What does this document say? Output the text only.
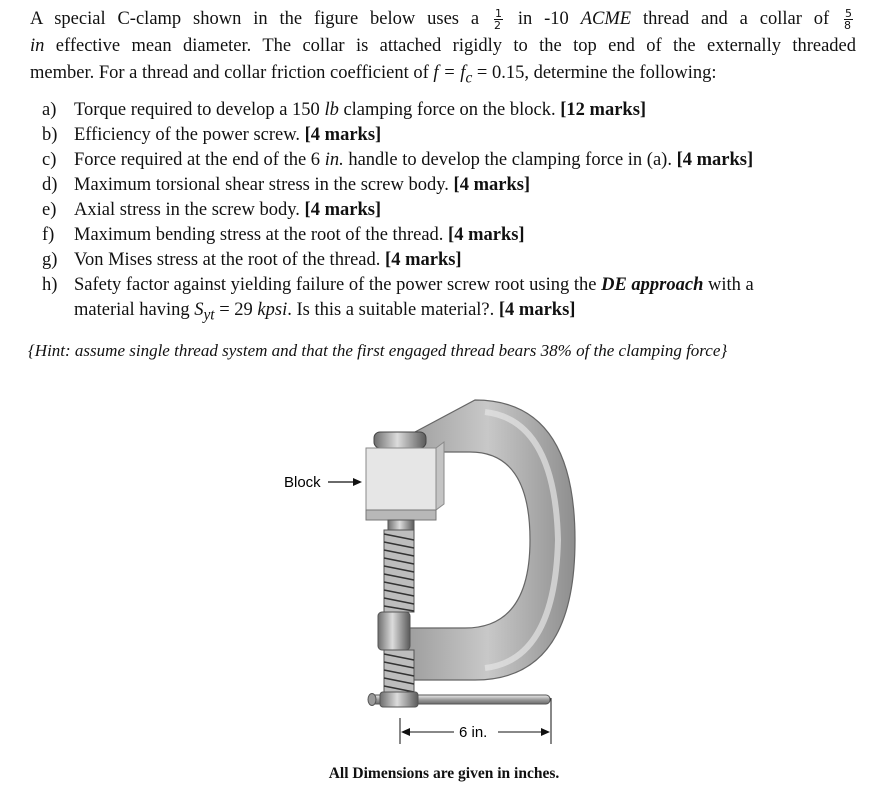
A special C-clamp shown in the figure below uses a $\frac{1}{2}$ in -10 ACME thread and a collar of $\frac{5}{8}$
in effective mean diameter. The collar is attached rigidly to the top end of the externally threaded
member. For a thread and collar friction coefficient of $f = f_c = 0.15$, determine the following:
a) Torque required to develop a 150 lb clamping force on the block. [12 marks]
b) Efficiency of the power screw. [4 marks]
c) Force required at the end of the 6 in. handle to develop the clamping force in (a). [4 marks]
d) Maximum torsional shear stress in the screw body. [4 marks]
e) Axial stress in the screw body. [4 marks]
f) Maximum bending stress at the root of the thread. [4 marks]
g) Von Mises stress at the root of the thread. [4 marks]
h) Safety factor against yielding failure of the power screw root using the DE approach with a
material having $S_{yt} = 29$ kpsi. Is this a suitable material?. [4 marks]
{Hint: assume single thread system and that the first engaged thread bears 38% of the clamping force}
Block
6 in.
All Dimensions are given in inches.
